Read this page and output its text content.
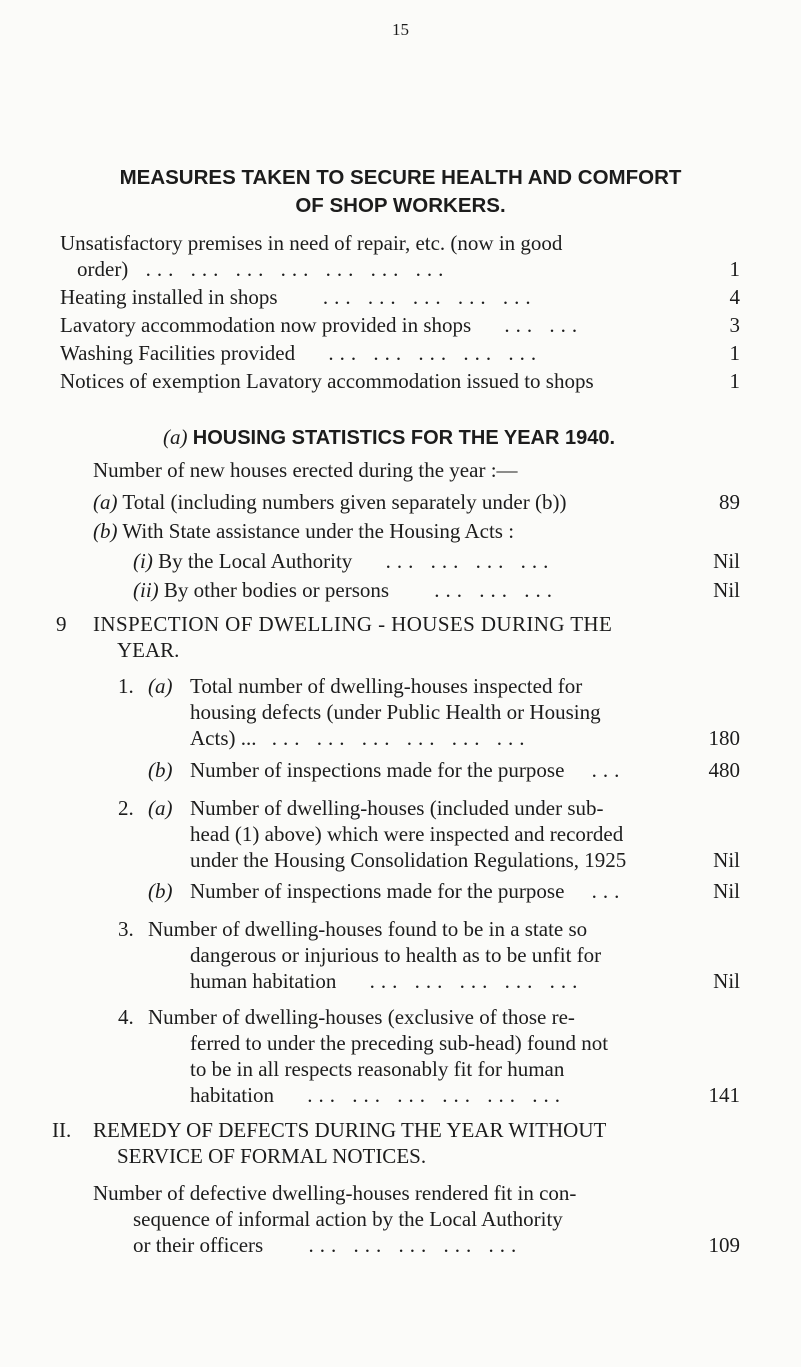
15
MEASURES TAKEN TO SECURE HEALTH AND COMFORT
OF SHOP WORKERS.
Unsatisfactory premises in need of repair, etc. (now in good
order) ... ... ... ... ... ... ...	1
Heating installed in shops ... ... ... ... ...	4
Lavatory accommodation now provided in shops ... ...	3
Washing Facilities provided ... ... ... ... ...	1
Notices of exemption Lavatory accommodation issued to shops	1
(a) HOUSING STATISTICS FOR THE YEAR 1940.
Number of new houses erected during the year :—
(a) Total (including numbers given separately under (b))	89
(b) With State assistance under the Housing Acts :
(i) By the Local Authority ... ... ... ...	Nil
(ii) By other bodies or persons ... ... ...	Nil
9 INSPECTION OF DWELLING - HOUSES DURING THE
YEAR.
1. (a) Total number of dwelling-houses inspected for
housing defects (under Public Health or Housing
Acts) ... ... ... ... ... ... ...	180
(b) Number of inspections made for the purpose ...	480
2. (a) Number of dwelling-houses (included under sub-
head (1) above) which were inspected and recorded
under the Housing Consolidation Regulations, 1925	Nil
(b) Number of inspections made for the purpose ...	Nil
3. Number of dwelling-houses found to be in a state so
dangerous or injurious to health as to be unfit for
human habitation ... ... ... ... ...	Nil
4. Number of dwelling-houses (exclusive of those re-
ferred to under the preceding sub-head) found not
to be in all respects reasonably fit for human
habitation ... ... ... ... ... ...	141
II. REMEDY OF DEFECTS DURING THE YEAR WITHOUT
SERVICE OF FORMAL NOTICES.
Number of defective dwelling-houses rendered fit in con-
sequence of informal action by the Local Authority
or their officers ... ... ... ... ...	109
